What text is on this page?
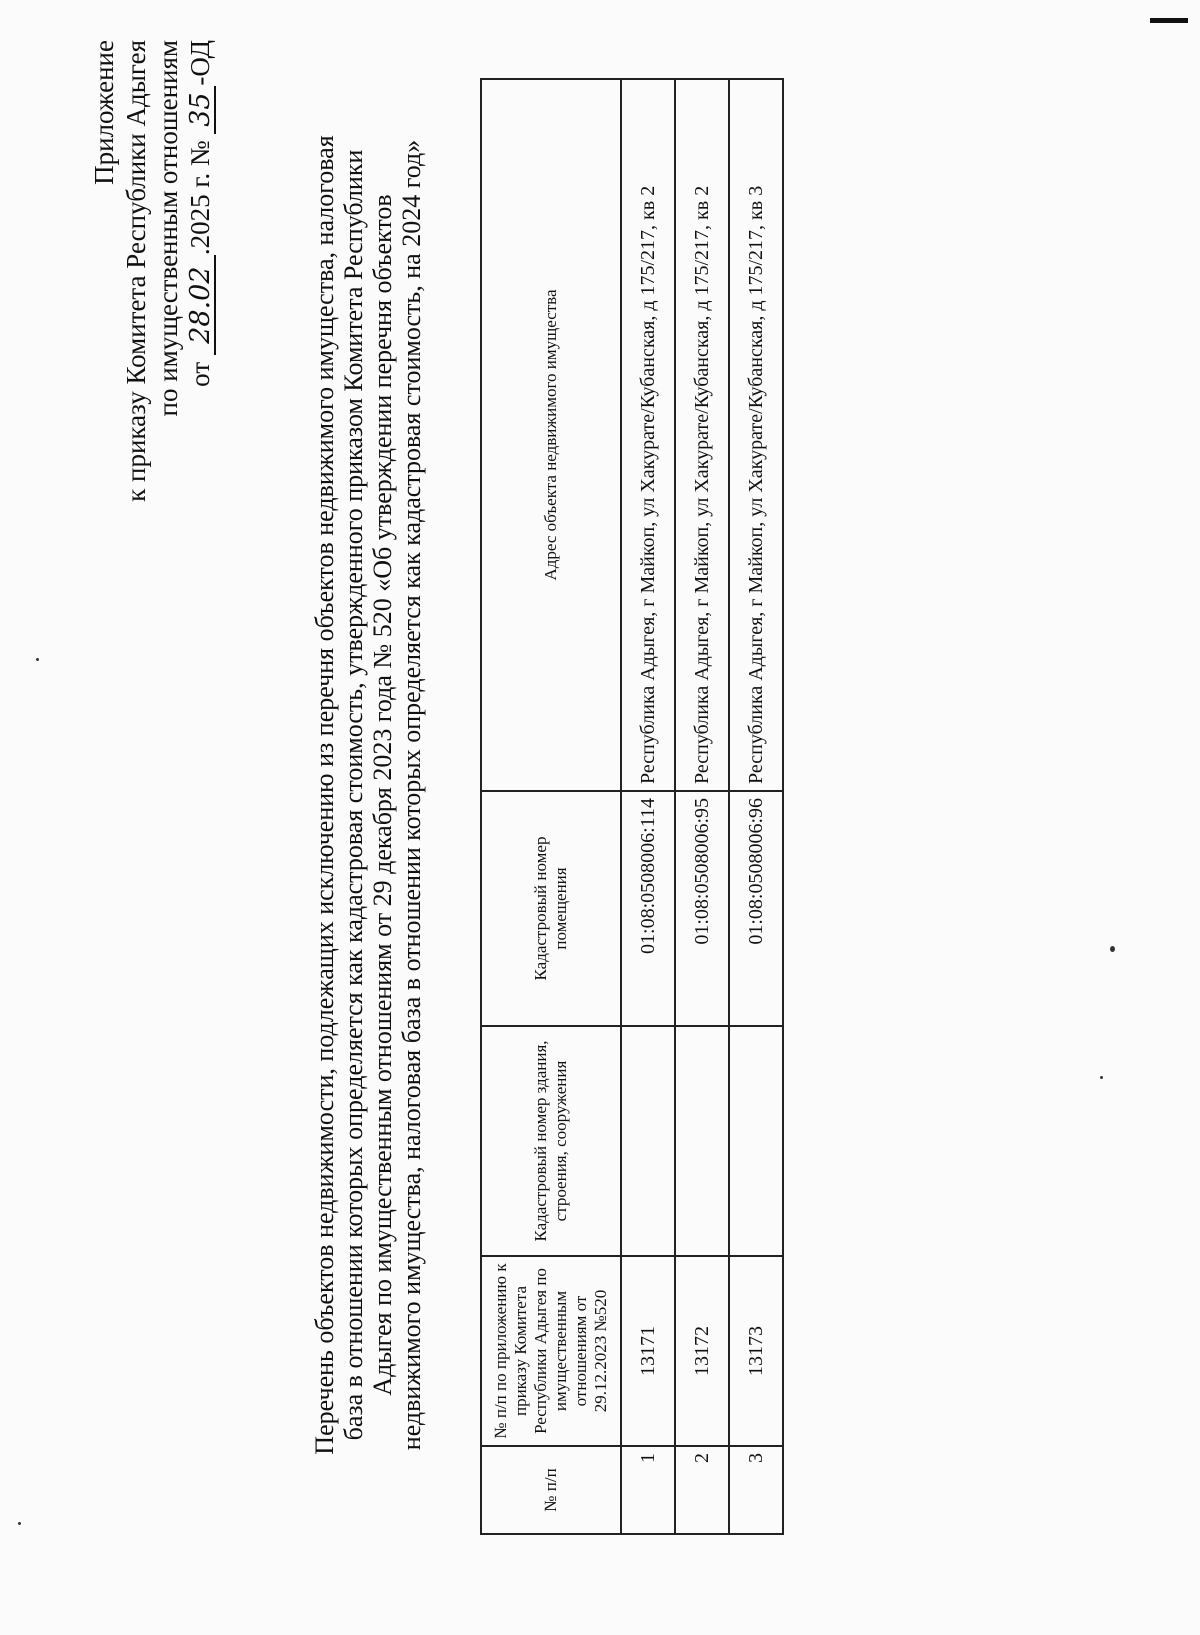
Приложение к приказу Комитета Республики Адыгея по имущественным отношениям от 28.02.2025 г. № 35-ОД
Перечень объектов недвижимости, подлежащих исключению из перечня объектов недвижимого имущества, налоговая база в отношении которых определяется как кадастровая стоимость, утвержденного приказом Комитета Республики Адыгея по имущественным отношениям от 29 декабря 2023 года № 520 «Об утверждении перечня объектов недвижимого имущества, налоговая база в отношении которых определяется как кадастровая стоимость, на 2024 год»
№ п/п	№ п/п по приложению к приказу Комитета Республики Адыгея по имущественным отношениям от 29.12.2023 №520	Кадастровый номер здания, строения, сооружения	Кадастровый номер помещения	Адрес объекта недвижимого имущества
1	13171		01:08:0508006:114	Республика Адыгея, г Майкоп, ул Хакурате/Кубанская, д 175/217, кв 2
2	13172		01:08:0508006:95	Республика Адыгея, г Майкоп, ул Хакурате/Кубанская, д 175/217, кв 2
3	13173		01:08:0508006:96	Республика Адыгея, г Майкоп, ул Хакурате/Кубанская, д 175/217, кв 3
